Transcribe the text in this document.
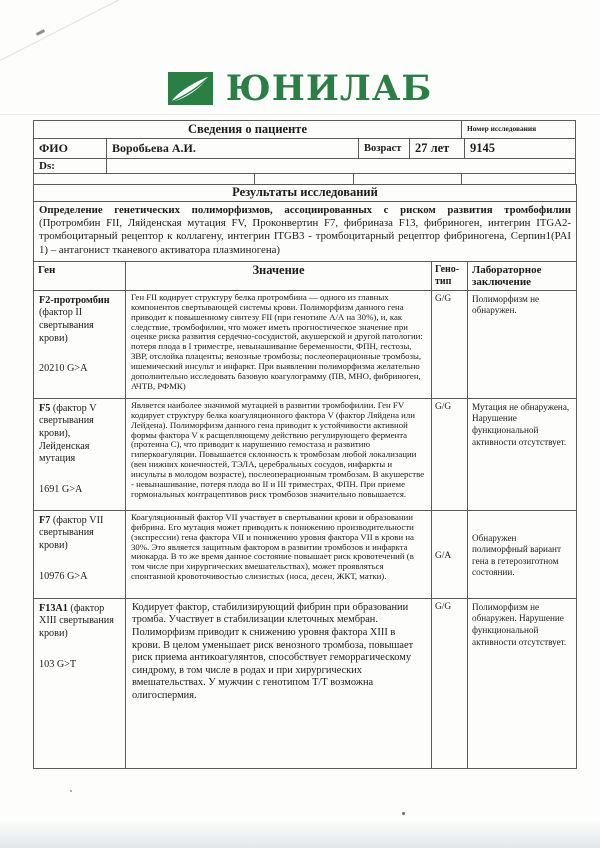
ЮНИЛАБ
Сведения о пациенте	Номер исследования
ФИО	Воробьева А.И.	Возраст	27 лет	9145
Ds:
Результаты исследований			
Определение генетических полиморфизмов, ассоциированных с риском развития тромбофилии (Протромбин FII, Ляйденская мутация FV, Проконвертин F7, фибриназа F13, фибриноген, интегрин ITGA2- тромбоцитарный рецептор к коллагену, интегрин ITGB3 - тромбоцитарный рецептор фибриногена, Серпин1(PAI 1) – антагонист тканевого активатора плазминогена)			
Ген	Значение	Гено-тип	Лабораторное заключение
F2-протромбин (фактор II свертывания крови)
20210 G>A	Ген FII кодирует структуру белка протромбина — одного из главных компонентов свертывающей системы крови. Полиморфизм данного гена приводит к повышенному синтезу FII (при генотипе А/А на 30%), и, как следствие, тромбофилии, что может иметь прогностическое значение при оценке риска развития сердечно-сосудистой, акушерской и другой патологии: потеря плода в I триместре, невынашивание беременности, ФПН, гестозы, ЗВР, отслойка плаценты; венозные тромбозы; послеоперационные тромбозы, ишемический инсульт и инфаркт. При выявлении полиморфизма желательно дополнительно исследовать базовую коагулограмму (ПВ, МНО, фибриноген, АЧТВ, РФМК)	G/G	Полиморфизм не обнаружен.
F5 (фактор V свертывания крови), Лейденская мутация
1691 G>A	Является наиболее значимой мутацией в развитии тромбофилии. Ген FV кодирует структуру белка коагуляционного фактора V (фактор Ляйдена или Лейдена). Полиморфизм данного гена приводит к устойчивости активной формы фактора V к расщепляющему действию регулирующего фермента (протеина С), что приводит к нарушению гемостаза и развитию гиперкоагуляции. Повышается склонность к тромбозам любой локализации (вен нижних конечностей, ТЭЛА, церебральных сосудов, инфаркты и инсульты в молодом возрасте), послеоперационным тромбозам. В акушерстве - невынашивание, потеря плода во II и III триместрах, ФПН. При приеме гормональных контрацептивов риск тромбозов значительно повышается.	G/G	Мутация не обнаружена, Нарушение функциональной активности отсутствует.
F7 (фактор VII свертывания крови)
10976 G>A	Коагуляционный фактор VII участвует в свертывании крови и образовании фибрина. Его мутация может приводить к понижению производительности (экспрессии) гена фактора VII и понижению уровня фактора VII в крови на 30%. Это является защитным фактором в развитии тромбозов и инфаркта миокарда. В то же время данное состояние повышает риск кровотечений (в том числе при хирургических вмешательствах), может проявляться спонтанной кровоточивостью слизистых (носа, десен, ЖКТ, матки).	G/A	Обнаружен полиморфный вариант гена в гетерозиготном состоянии.
F13A1 (фактор XIII свертывания крови)
103 G>T	Кодирует фактор, стабилизирующий фибрин при образовании тромба. Участвует в стабилизации клеточных мембран. Полиморфизм приводит к снижению уровня фактора XIII в крови. В целом уменьшает риск венозного тромбоза, повышает риск приема антикоагулянтов, способствует геморрагическому синдрому, в том числе в родах и при хирургических вмешательствах. У мужчин с генотипом Т/Т возможна олигоспермия.	G/G	Полиморфизм не обнаружен. Нарушение функциональной активности отсутствует.
